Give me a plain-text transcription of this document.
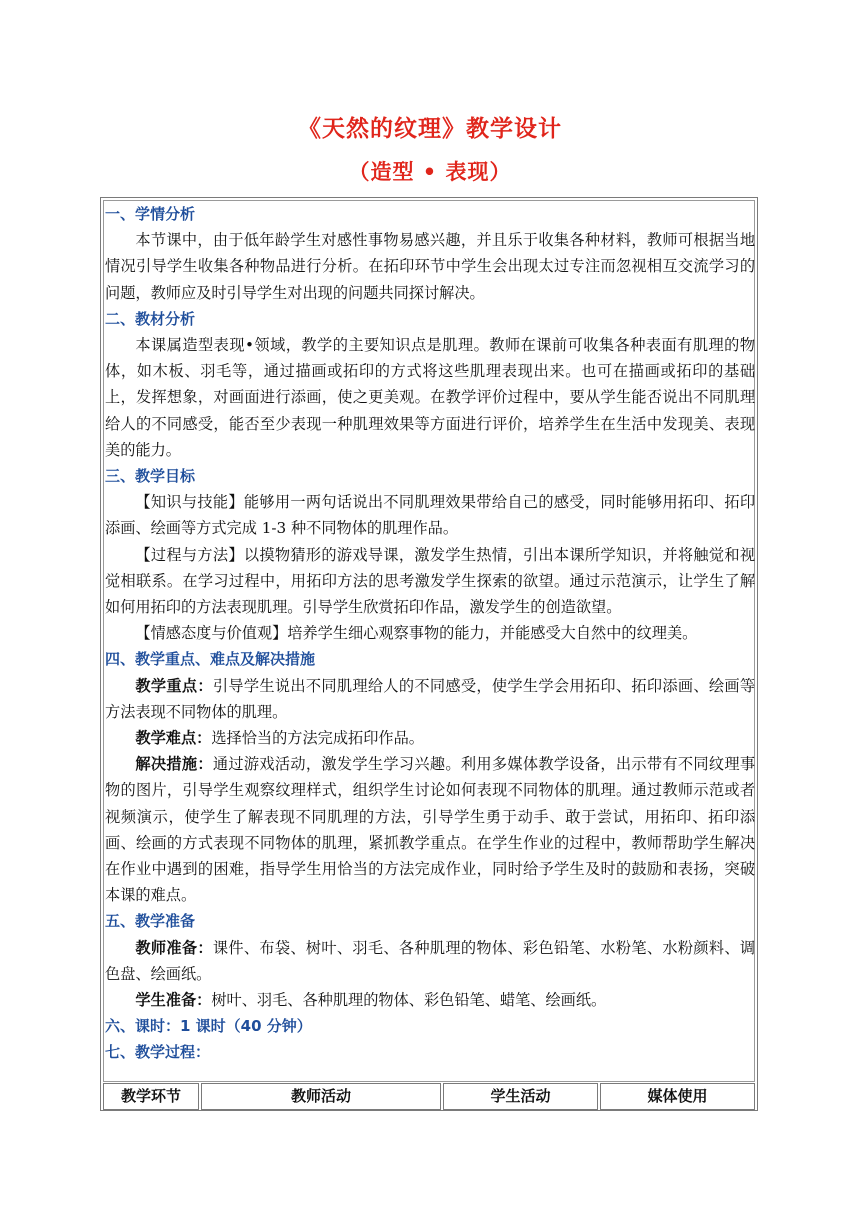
《天然的纹理》教学设计
（造型 • 表现）
一、学情分析
本节课中，由于低年龄学生对感性事物易感兴趣，并且乐于收集各种材料，教师可根据当地情况引导学生收集各种物品进行分析。在拓印环节中学生会出现太过专注而忽视相互交流学习的问题，教师应及时引导学生对出现的问题共同探讨解决。
二、教材分析
本课属造型表现•领域，教学的主要知识点是肌理。教师在课前可收集各种表面有肌理的物体，如木板、羽毛等，通过描画或拓印的方式将这些肌理表现出来。也可在描画或拓印的基础上，发挥想象，对画面进行添画，使之更美观。在教学评价过程中，要从学生能否说出不同肌理给人的不同感受，能否至少表现一种肌理效果等方面进行评价，培养学生在生活中发现美、表现美的能力。
三、教学目标
【知识与技能】能够用一两句话说出不同肌理效果带给自己的感受，同时能够用拓印、拓印添画、绘画等方式完成 1-3 种不同物体的肌理作品。
【过程与方法】以摸物猜形的游戏导课，激发学生热情，引出本课所学知识，并将触觉和视觉相联系。在学习过程中，用拓印方法的思考激发学生探索的欲望。通过示范演示，让学生了解如何用拓印的方法表现肌理。引导学生欣赏拓印作品，激发学生的创造欲望。
【情感态度与价值观】培养学生细心观察事物的能力，并能感受大自然中的纹理美。
四、教学重点、难点及解决措施
教学重点：引导学生说出不同肌理给人的不同感受，使学生学会用拓印、拓印添画、绘画等方法表现不同物体的肌理。
教学难点：选择恰当的方法完成拓印作品。
解决措施：通过游戏活动，激发学生学习兴趣。利用多媒体教学设备，出示带有不同纹理事物的图片，引导学生观察纹理样式，组织学生讨论如何表现不同物体的肌理。通过教师示范或者视频演示，使学生了解表现不同肌理的方法，引导学生勇于动手、敢于尝试，用拓印、拓印添画、绘画的方式表现不同物体的肌理，紧抓教学重点。在学生作业的过程中，教师帮助学生解决在作业中遇到的困难，指导学生用恰当的方法完成作业，同时给予学生及时的鼓励和表扬，突破本课的难点。
五、教学准备
教师准备：课件、布袋、树叶、羽毛、各种肌理的物体、彩色铅笔、水粉笔、水粉颜料、调色盘、绘画纸。
学生准备：树叶、羽毛、各种肌理的物体、彩色铅笔、蜡笔、绘画纸。
六、课时：1 课时（40 分钟）
七、教学过程：
教学环节	教师活动	学生活动	媒体使用
